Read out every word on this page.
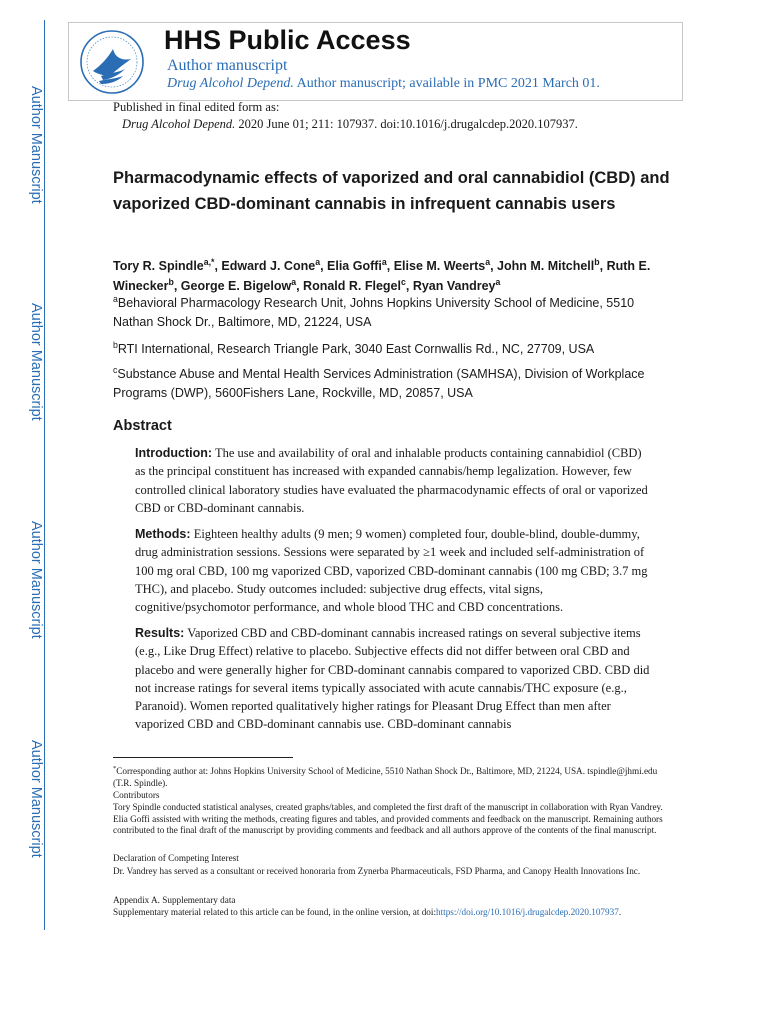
Author Manuscript
Author Manuscript
Author Manuscript
Author Manuscript
HHS Public Access
Author manuscript
Drug Alcohol Depend. Author manuscript; available in PMC 2021 March 01.
Published in final edited form as:
Drug Alcohol Depend. 2020 June 01; 211: 107937. doi:10.1016/j.drugalcdep.2020.107937.
Pharmacodynamic effects of vaporized and oral cannabidiol (CBD) and vaporized CBD-dominant cannabis in infrequent cannabis users
Tory R. Spindle$^{a,*}$, Edward J. Cone$^a$, Elia Goffi$^a$, Elise M. Weerts$^a$, John M. Mitchell$^b$, Ruth E. Winecker$^b$, George E. Bigelow$^a$, Ronald R. Flegel$^c$, Ryan Vandrey$^a$
$^a$Behavioral Pharmacology Research Unit, Johns Hopkins University School of Medicine, 5510 Nathan Shock Dr., Baltimore, MD, 21224, USA
$^b$RTI International, Research Triangle Park, 3040 East Cornwallis Rd., NC, 27709, USA
$^c$Substance Abuse and Mental Health Services Administration (SAMHSA), Division of Workplace Programs (DWP), 5600Fishers Lane, Rockville, MD, 20857, USA
Abstract
Introduction: The use and availability of oral and inhalable products containing cannabidiol (CBD) as the principal constituent has increased with expanded cannabis/hemp legalization. However, few controlled clinical laboratory studies have evaluated the pharmacodynamic effects of oral or vaporized CBD or CBD-dominant cannabis.
Methods: Eighteen healthy adults (9 men; 9 women) completed four, double-blind, double-dummy, drug administration sessions. Sessions were separated by ≥1 week and included self-administration of 100 mg oral CBD, 100 mg vaporized CBD, vaporized CBD-dominant cannabis (100 mg CBD; 3.7 mg THC), and placebo. Study outcomes included: subjective drug effects, vital signs, cognitive/psychomotor performance, and whole blood THC and CBD concentrations.
Results: Vaporized CBD and CBD-dominant cannabis increased ratings on several subjective items (e.g., Like Drug Effect) relative to placebo. Subjective effects did not differ between oral CBD and placebo and were generally higher for CBD-dominant cannabis compared to vaporized CBD. CBD did not increase ratings for several items typically associated with acute cannabis/THC exposure (e.g., Paranoid). Women reported qualitatively higher ratings for Pleasant Drug Effect than men after vaporized CBD and CBD-dominant cannabis use. CBD-dominant cannabis
*Corresponding author at: Johns Hopkins University School of Medicine, 5510 Nathan Shock Dr., Baltimore, MD, 21224, USA. tspindle@jhmi.edu (T.R. Spindle).
Contributors
Tory Spindle conducted statistical analyses, created graphs/tables, and completed the first draft of the manuscript in collaboration with Ryan Vandrey. Elia Goffi assisted with writing the methods, creating figures and tables, and provided comments and feedback on the manuscript. Remaining authors contributed to the final draft of the manuscript by providing comments and feedback and all authors approve of the contents of the final manuscript.
Declaration of Competing Interest
Dr. Vandrey has served as a consultant or received honoraria from Zynerba Pharmaceuticals, FSD Pharma, and Canopy Health Innovations Inc.
Appendix A. Supplementary data
Supplementary material related to this article can be found, in the online version, at doi:https://doi.org/10.1016/j.drugalcdep.2020.107937.
